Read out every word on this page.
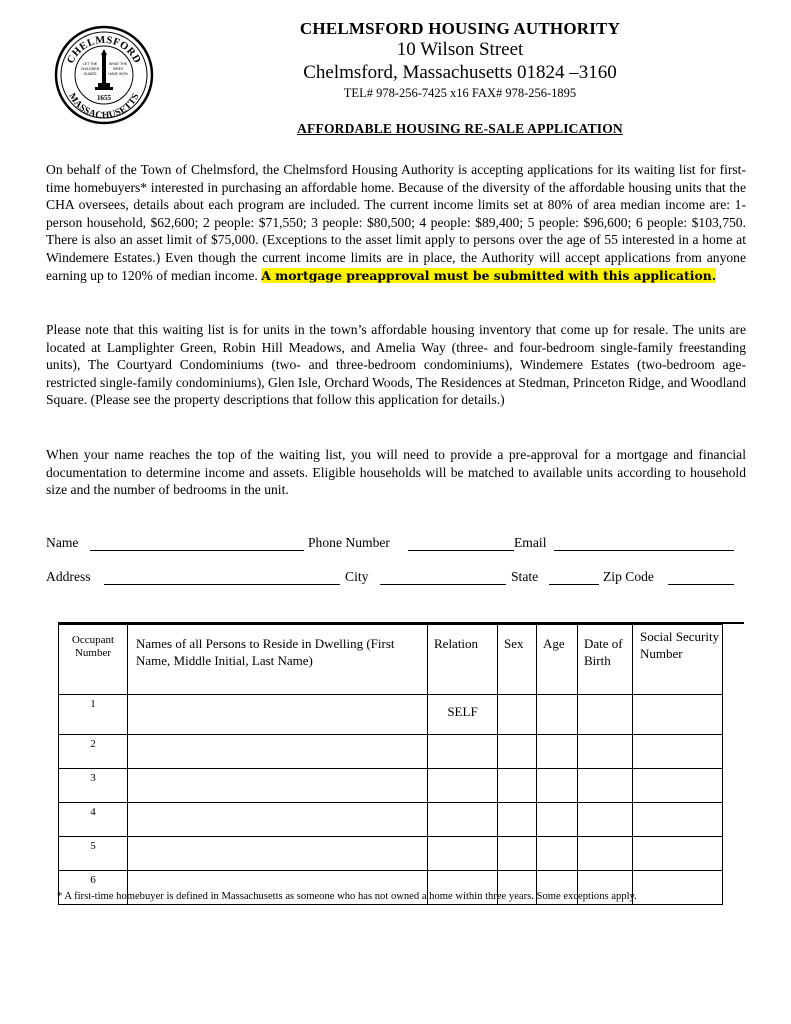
CHELMSFORD
MASSACHUSETTS
LET THE
CHILDREN
GUARD
WHAT THE
SIRES
HAVE WON
1655
CHELMSFORD HOUSING AUTHORITY
10 Wilson Street
Chelmsford, Massachusetts 01824 –3160
TEL# 978-256-7425 x16 FAX# 978-256-1895
AFFORDABLE HOUSING RE-SALE APPLICATION
On behalf of the Town of Chelmsford, the Chelmsford Housing Authority is accepting applications for its waiting list for first-time homebuyers* interested in purchasing an affordable home. Because of the diversity of the affordable housing units that the CHA oversees, details about each program are included. The current income limits set at 80% of area median income are: 1-person household, $62,600; 2 people: $71,550; 3 people: $80,500; 4 people: $89,400; 5 people: $96,600; 6 people: $103,750. There is also an asset limit of $75,000. (Exceptions to the asset limit apply to persons over the age of 55 interested in a home at Windemere Estates.) Even though the current income limits are in place, the Authority will accept applications from anyone earning up to 120% of median income. A mortgage preapproval must be submitted with this application.
Please note that this waiting list is for units in the town’s affordable housing inventory that come up for resale. The units are located at Lamplighter Green, Robin Hill Meadows, and Amelia Way (three- and four-bedroom single-family freestanding units), The Courtyard Condominiums (two- and three-bedroom condominiums), Windemere Estates (two-bedroom age-restricted single-family condominiums), Glen Isle, Orchard Woods, The Residences at Stedman, Princeton Ridge, and Woodland Square. (Please see the property descriptions that follow this application for details.)
When your name reaches the top of the waiting list, you will need to provide a pre-approval for a mortgage and financial documentation to determine income and assets. Eligible households will be matched to available units according to household size and the number of bedrooms in the unit.
Name	Phone Number	Email
Address	City	State	Zip Code
Occupant Number	Names of all Persons to Reside in Dwelling (First Name, Middle Initial, Last Name)	Relation	Sex	Age	Date of Birth	Social Security Number
1		SELF				
2						
3						
4						
5						
6						
* A first-time homebuyer is defined in Massachusetts as someone who has not owned a home within three years. Some exceptions apply.
